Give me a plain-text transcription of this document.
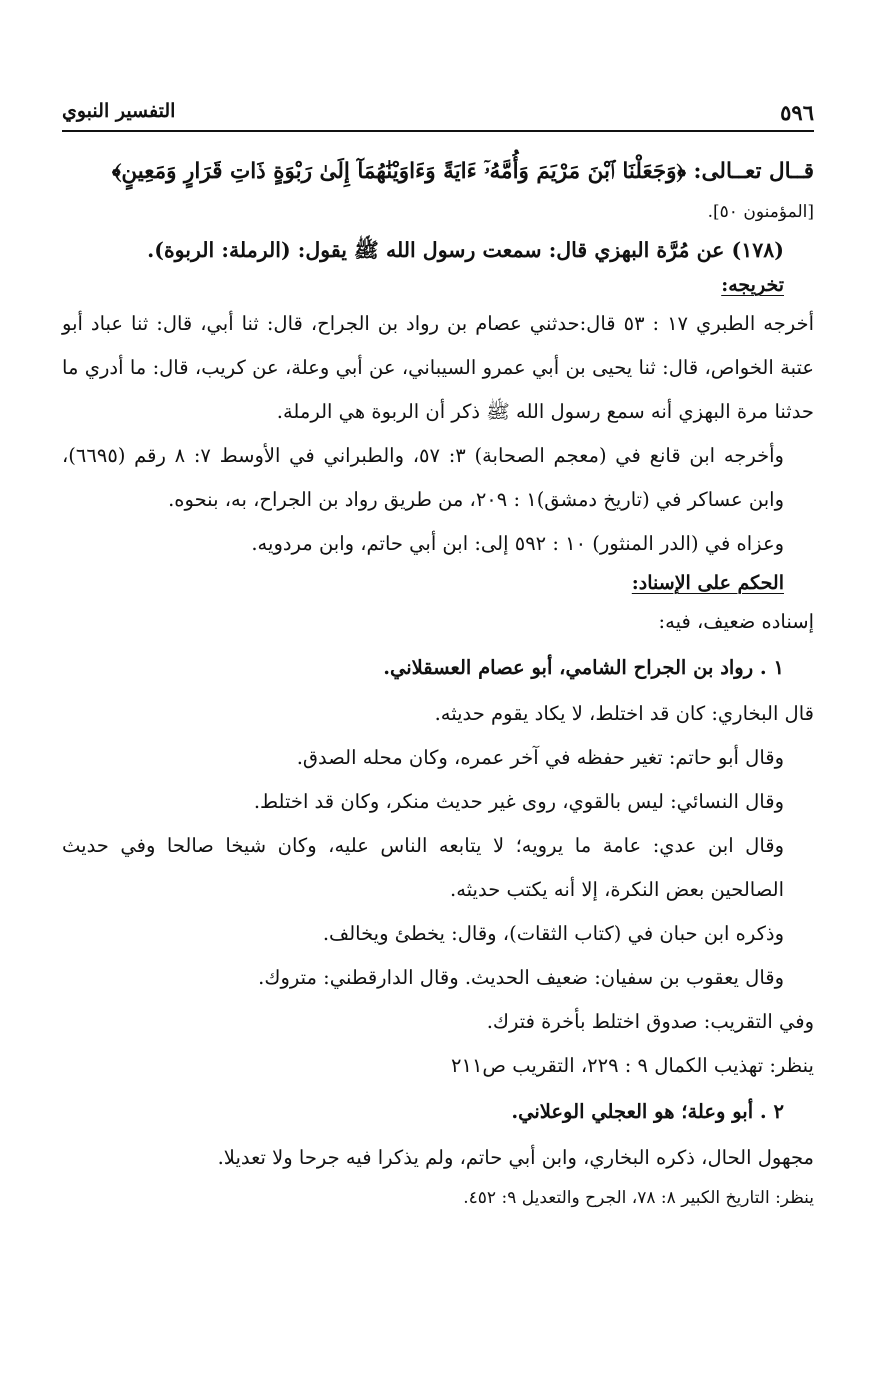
٥٩٦
التفسير النبوي

قــال تعــالى: ﴿وَجَعَلْنَا ٱبْنَ مَرْيَمَ وَأُمَّهُۥٓ ءَايَةً وَءَاوَيْنَٰهُمَآ إِلَىٰ رَبْوَةٍ ذَاتِ قَرَارٍ وَمَعِينٍ﴾

[المؤمنون ٥٠].

(١٧٨) عن مُرَّة البهزي قال: سمعت رسول الله ﷺ يقول: (الرملة: الربوة).

تخريجه:

أخرجه الطبري ١٧ : ٥٣ قال:حدثني عصام بن رواد بن الجراح، قال: ثنا أبي، قال: ثنا عباد أبو عتبة الخواص، قال: ثنا يحيى بن أبي عمرو السيباني، عن أبي وعلة، عن كريب، قال: ما أدري ما حدثنا مرة البهزي أنه سمع رسول الله ﷺ ذكر أن الربوة هي الرملة.

وأخرجه ابن قانع في (معجم الصحابة) ٣: ٥٧، والطبراني في الأوسط ٧: ٨ رقم (٦٦٩٥)، وابن عساكر في (تاريخ دمشق)١ : ٢٠٩، من طريق رواد بن الجراح، به، بنحوه.

وعزاه في (الدر المنثور) ١٠ : ٥٩٢ إلى: ابن أبي حاتم، وابن مردويه.

الحكم على الإسناد:

إسناده ضعيف، فيه:

١ . رواد بن الجراح الشامي، أبو عصام العسقلاني.

قال البخاري: كان قد اختلط، لا يكاد يقوم حديثه.

وقال أبو حاتم: تغير حفظه في آخر عمره، وكان محله الصدق.

وقال النسائي: ليس بالقوي، روى غير حديث منكر، وكان قد اختلط.

وقال ابن عدي: عامة ما يرويه؛ لا يتابعه الناس عليه، وكان شيخا صالحا وفي حديث الصالحين بعض النكرة، إلا أنه يكتب حديثه.

وذكره ابن حبان في (كتاب الثقات)، وقال: يخطئ ويخالف.

وقال يعقوب بن سفيان: ضعيف الحديث. وقال الدارقطني: متروك.

وفي التقريب: صدوق اختلط بأخرة فترك.

ينظر: تهذيب الكمال ٩ : ٢٢٩، التقريب ص٢١١

٢ . أبو وعلة؛ هو العجلي الوعلاني.

مجهول الحال، ذكره البخاري، وابن أبي حاتم، ولم يذكرا فيه جرحا ولا تعديلا.

ينظر: التاريخ الكبير ٨: ٧٨، الجرح والتعديل ٩: ٤٥٢.
